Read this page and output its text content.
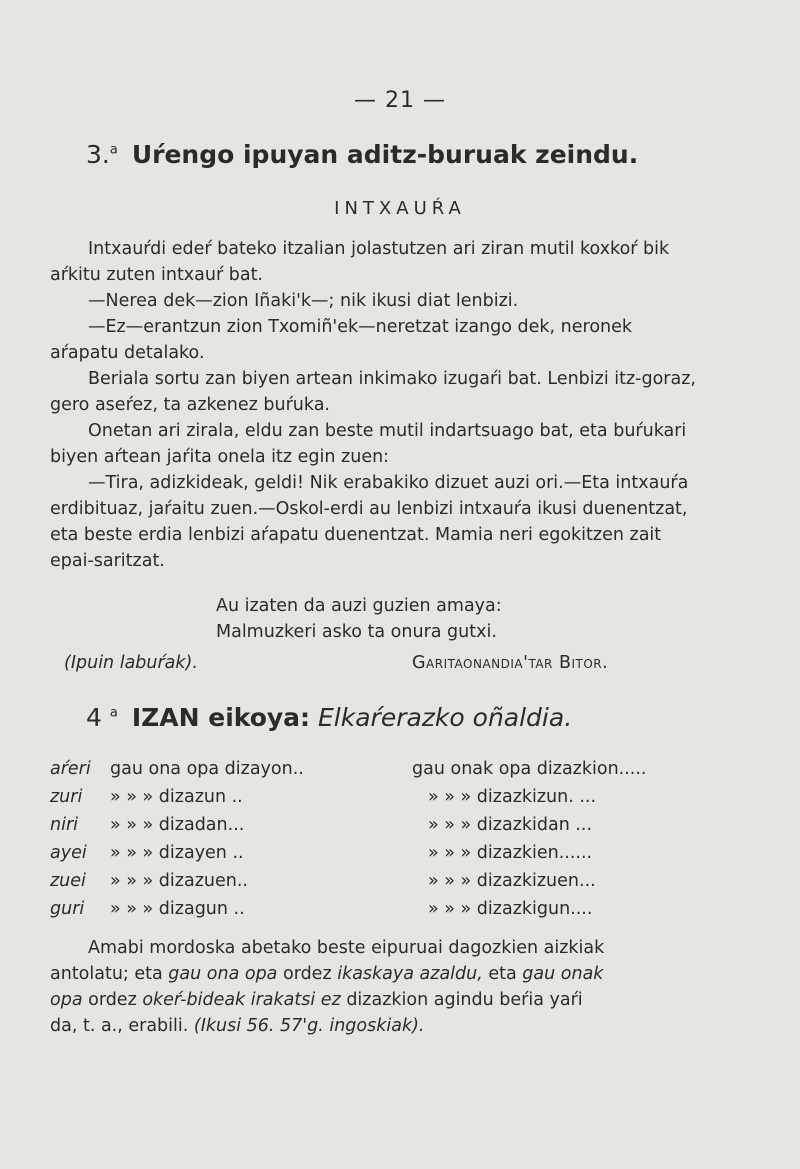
— 21 —
3.$^a$ Uŕengo ipuyan aditz-buruak zeindu.
INTXAUŔA
Intxauŕdi edeŕ bateko itzalian jolastutzen ari ziran mutil koxkoŕ bik aŕkitu zuten intxauŕ bat.
—Nerea dek—zion Iñaki'k—; nik ikusi diat lenbizi.
—Ez—erantzun zion Txomiñ'ek—neretzat izango dek, neronek aŕapatu detalako.
Beriala sortu zan biyen artean inkimako izugaŕi bat. Lenbizi itz-goraz, gero aseŕez, ta azkenez buŕuka.
Onetan ari zirala, eldu zan beste mutil indartsuago bat, eta buŕukari biyen aŕtean jaŕita onela itz egin zuen:
—Tira, adizkideak, geldi! Nik erabakiko dizuet auzi ori.—Eta intxauŕa erdibituaz, jaŕaitu zuen.—Oskol-erdi au lenbizi intxauŕa ikusi duenentzat, eta beste erdia lenbizi aŕapatu duenentzat. Mamia neri egokitzen zait epai-saritzat.
Au izaten da auzi guzien amaya:
Malmuzkeri asko ta onura gutxi.
(Ipuin labuŕak).	Garitaonandia'tar Bitor.
4 $^a$ IZAN eikoya: Elkaŕerazko oñaldia.
aŕeri gau ona opa dizayon..	gau onak opa dizazkion.....
zuri » » » dizazun ..	» » » dizazkizun. ...
niri » » » dizadan...	» » » dizazkidan ...
ayei » » » dizayen ..	» » » dizazkien......
zuei » » » dizazuen..	» » » dizazkizuen...
guri » » » dizagun ..	» » » dizazkigun....
Amabi mordoska abetako beste eipuruai dagozkien aizkiak
antolatu; eta gau ona opa ordez ikaskaya azaldu, eta gau onak
opa ordez okeŕ-bideak irakatsi ez dizazkion agindu beŕia yaŕi
da, t. a., erabili. (Ikusi 56. 57'g. ingoskiak).
